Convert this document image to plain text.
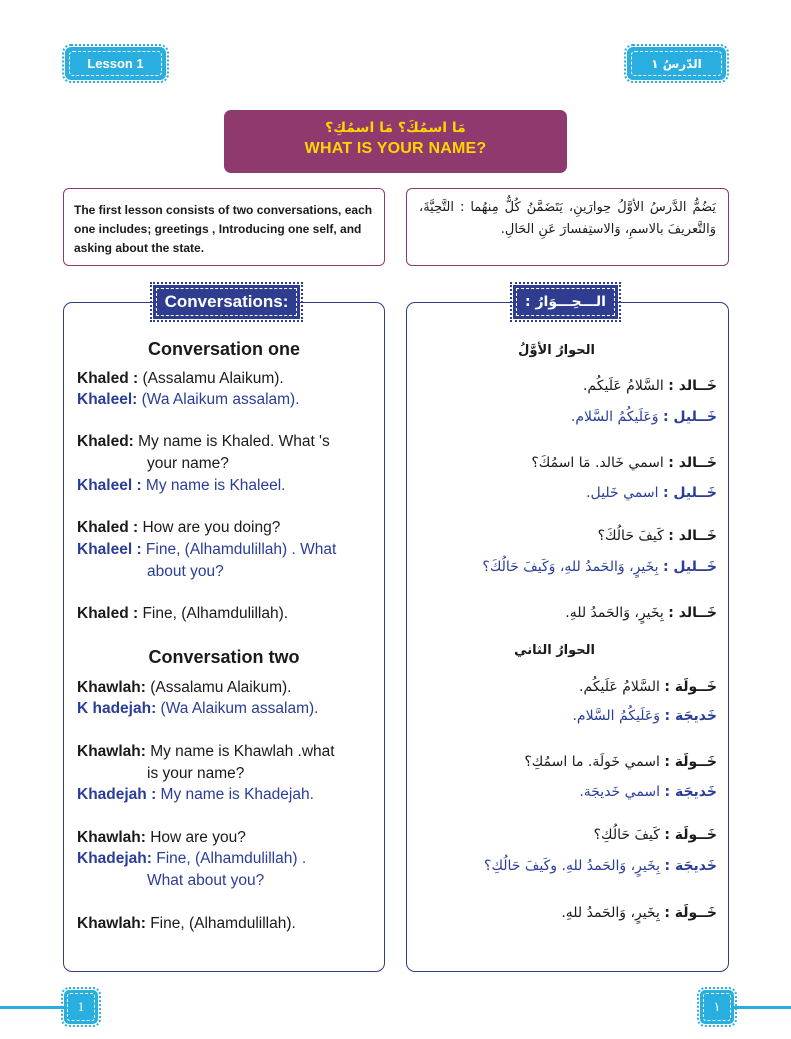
Lesson 1	الدّرسُ ١
مَا اسمُكَ؟ مَا اسمُكِ؟
WHAT IS YOUR NAME?
The first lesson consists of two conversations, each one includes; greetings , Introducing one self, and asking about the state.
يَضُمُّ الدَّرسُ الأوَّلُ حِوارَينِ، يَتَضَمَّنُ كُلٌّ مِنهُما : التَّحِيَّةَ، وَالتَّعريفَ بالاسمِ، وَالاستِفسارَ عَنِ الحَالِ.
Conversations:	الـــحِـــوَارُ :
Conversation one
Khaled : (Assalamu Alaikum).
Khaleel: (Wa Alaikum assalam).
Khaled: My name is Khaled. What 's
your name?
Khaleel : My name is Khaleel.
Khaled : How are you doing?
Khaleel : Fine, (Alhamdulillah) . What
about you?
Khaled : Fine, (Alhamdulillah).
Conversation two
Khawlah: (Assalamu Alaikum).
K hadejah: (Wa Alaikum assalam).
Khawlah: My name is Khawlah .what
is your name?
Khadejah : My name is Khadejah.
Khawlah: How are you?
Khadejah: Fine, (Alhamdulillah) .
What about you?
Khawlah: Fine, (Alhamdulillah).
الحوارُ الأوَّلُ
خَــالد : السَّلامُ عَلَيكُم.
خَــليل : وَعَلَيكُمُ السَّلام.
خَــالد : اسمي خَالد. مَا اسمُكَ؟
خَــليل : اسمي خَليل.
خَــالد : كَيفَ حَالُكَ؟
خَــليل : بِخَيرٍ، وَالحَمدُ للهِ، وَكَيفَ حَالُكَ؟
خَــالد : بِخَيرٍ، وَالحَمدُ للهِ.
الحوارُ الثاني
خَــولَة : السَّلامُ عَلَيكُم.
خَديجَة : وَعَلَيكُمُ السَّلام.
خَــولَة : اسمي خَولَة. ما اسمُكِ؟
خَديجَة : اسمي خَديجَة.
خَــولَة : كَيفَ حَالُكِ؟
خَديجَة : بِخَيرٍ، وَالحَمدُ للهِ. وكَيفَ حَالُكِ؟
خَــولَة : بِخَيرٍ، وَالحَمدُ للهِ.
1	١
